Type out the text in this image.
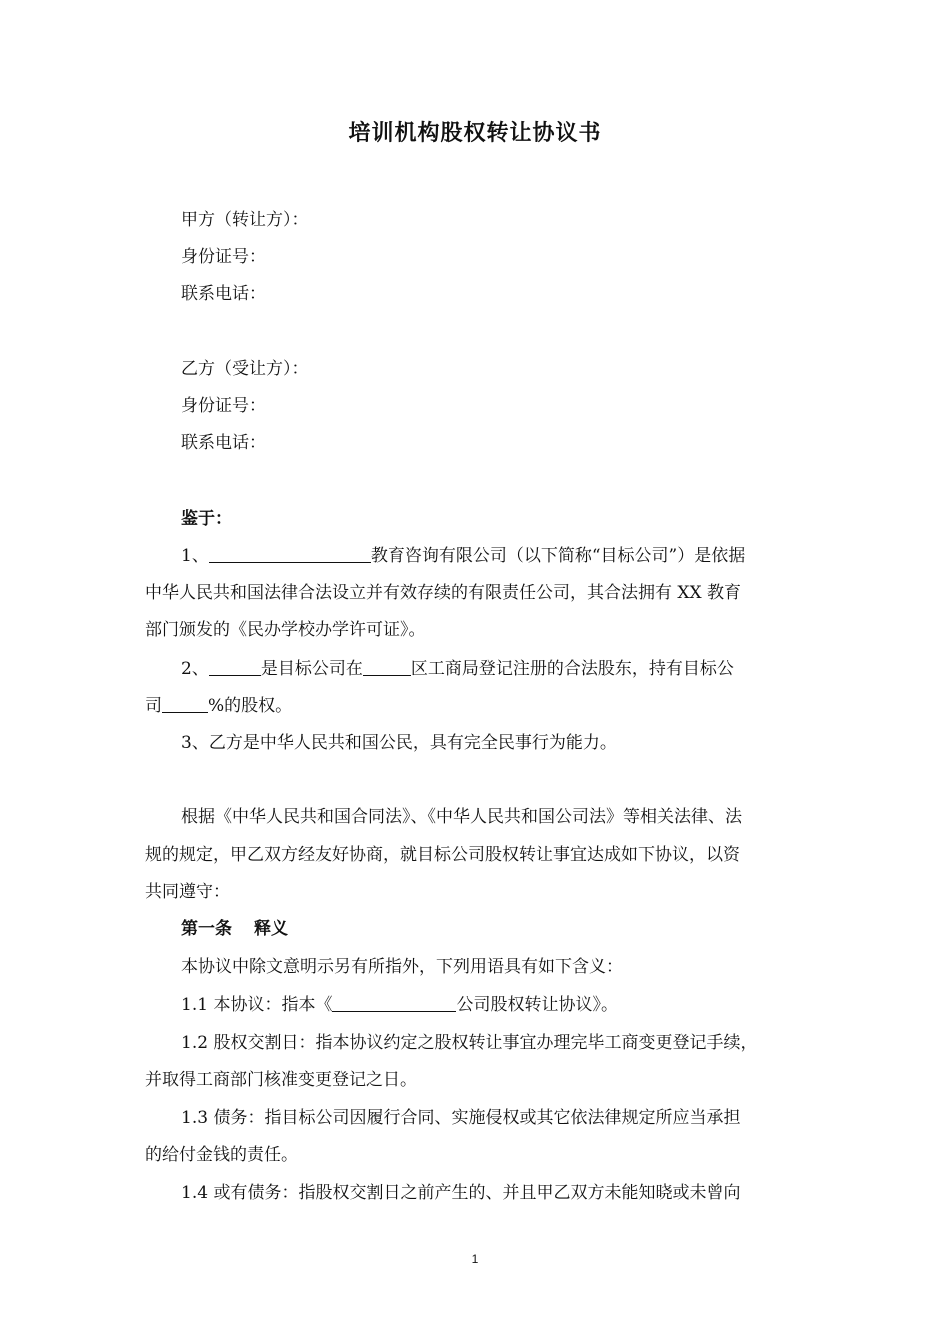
培训机构股权转让协议书
甲方（转让方）：
身份证号：
联系电话：
乙方（受让方）：
身份证号：
联系电话：
鉴于：
1、	教育咨询有限公司（以下简称“目标公司”）是依据
中华人民共和国法律合法设立并有效存续的有限责任公司，其合法拥有 XX 教育
部门颁发的《民办学校办学许可证》。
2、	是目标公司在	区工商局登记注册的合法股东，持有目标公
司	%的股权。
3、乙方是中华人民共和国公民，具有完全民事行为能力。
根据《中华人民共和国合同法》、《中华人民共和国公司法》等相关法律、法
规的规定，甲乙双方经友好协商，就目标公司股权转让事宜达成如下协议，以资
共同遵守：
第一条 释义
本协议中除文意明示另有所指外，下列用语具有如下含义：
1.1 本协议：指本《	公司股权转让协议》。
1.2 股权交割日：指本协议约定之股权转让事宜办理完毕工商变更登记手续，
并取得工商部门核准变更登记之日。
1.3 债务：指目标公司因履行合同、实施侵权或其它依法律规定所应当承担
的给付金钱的责任。
1.4 或有债务：指股权交割日之前产生的、并且甲乙双方未能知晓或未曾向
1
